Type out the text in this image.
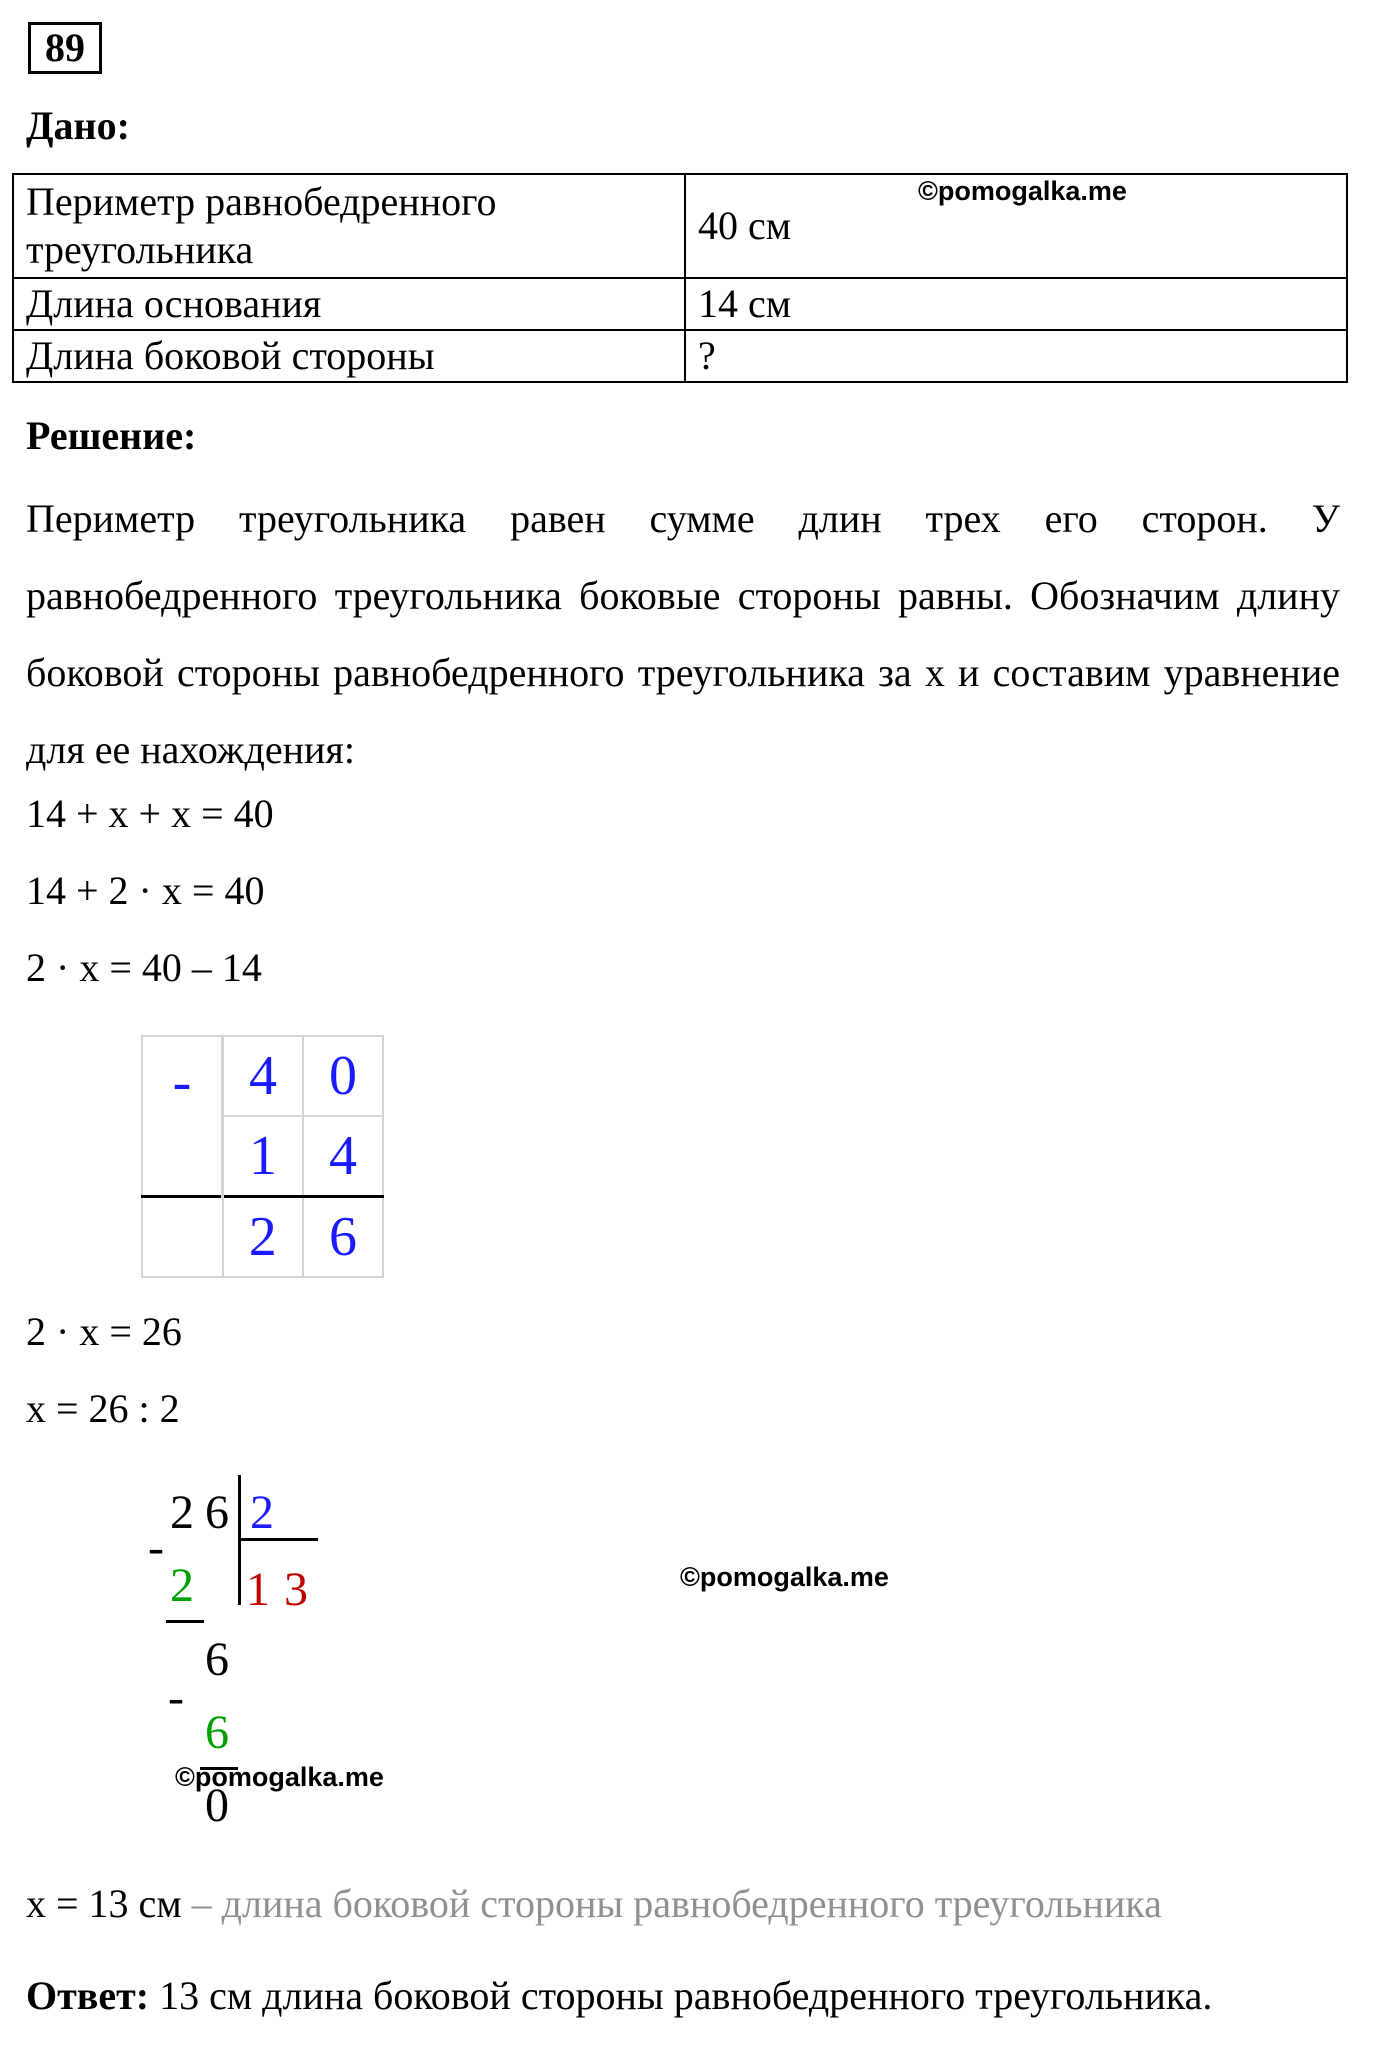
89
Дано:
Периметр равнобедренного треугольника	40 см
Длина основания	14 см
Длина боковой стороны	?
©pomogalka.me
Решение:
Периметр треугольника равен сумме длин трех его сторон. У равнобедренного треугольника боковые стороны равны. Обозначим длину боковой стороны равнобедренного треугольника за x и составим уравнение для ее нахождения:
14 + x + x = 40
14 + 2 · x = 40
2 · x = 40 – 14
-	4	0
	1	4
	2	6
2 · x = 26
x = 26 : 2
2 6 2
1 3
-
2
6
-
6
0
©pomogalka.me
©pomogalka.me
x = 13 см – длина боковой стороны равнобедренного треугольника
Ответ: 13 см длина боковой стороны равнобедренного треугольника.
